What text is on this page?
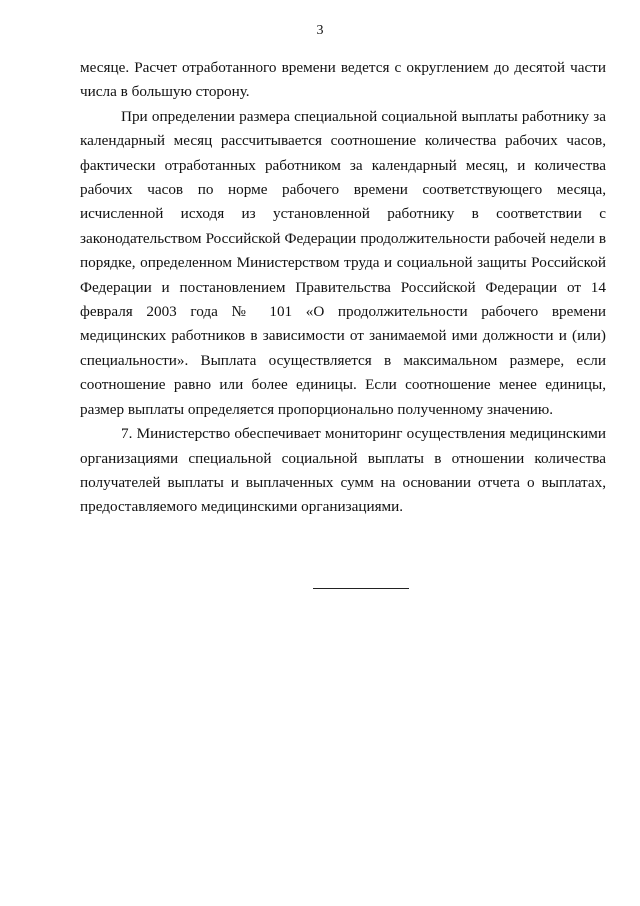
3

месяце. Расчет отработанного времени ведется с округлением до десятой части числа в большую сторону.

При определении размера специальной социальной выплаты работнику за календарный месяц рассчитывается соотношение количества рабочих часов, фактически отработанных работником за календарный месяц, и количества рабочих часов по норме рабочего времени соответствующего месяца, исчисленной исходя из установленной работнику в соответствии с законодательством Российской Федерации продолжительности рабочей недели в порядке, определенном Министерством труда и социальной защиты Российской Федерации и постановлением Правительства Российской Федерации от 14 февраля 2003 года № 101 «О продолжительности рабочего времени медицинских работников в зависимости от занимаемой ими должности и (или) специальности». Выплата осуществляется в максимальном размере, если соотношение равно или более единицы. Если соотношение менее единицы, размер выплаты определяется пропорционально полученному значению.

7. Министерство обеспечивает мониторинг осуществления медицинскими организациями специальной социальной выплаты в отношении количества получателей выплаты и выплаченных сумм на основании отчета о выплатах, предоставляемого медицинскими организациями.
